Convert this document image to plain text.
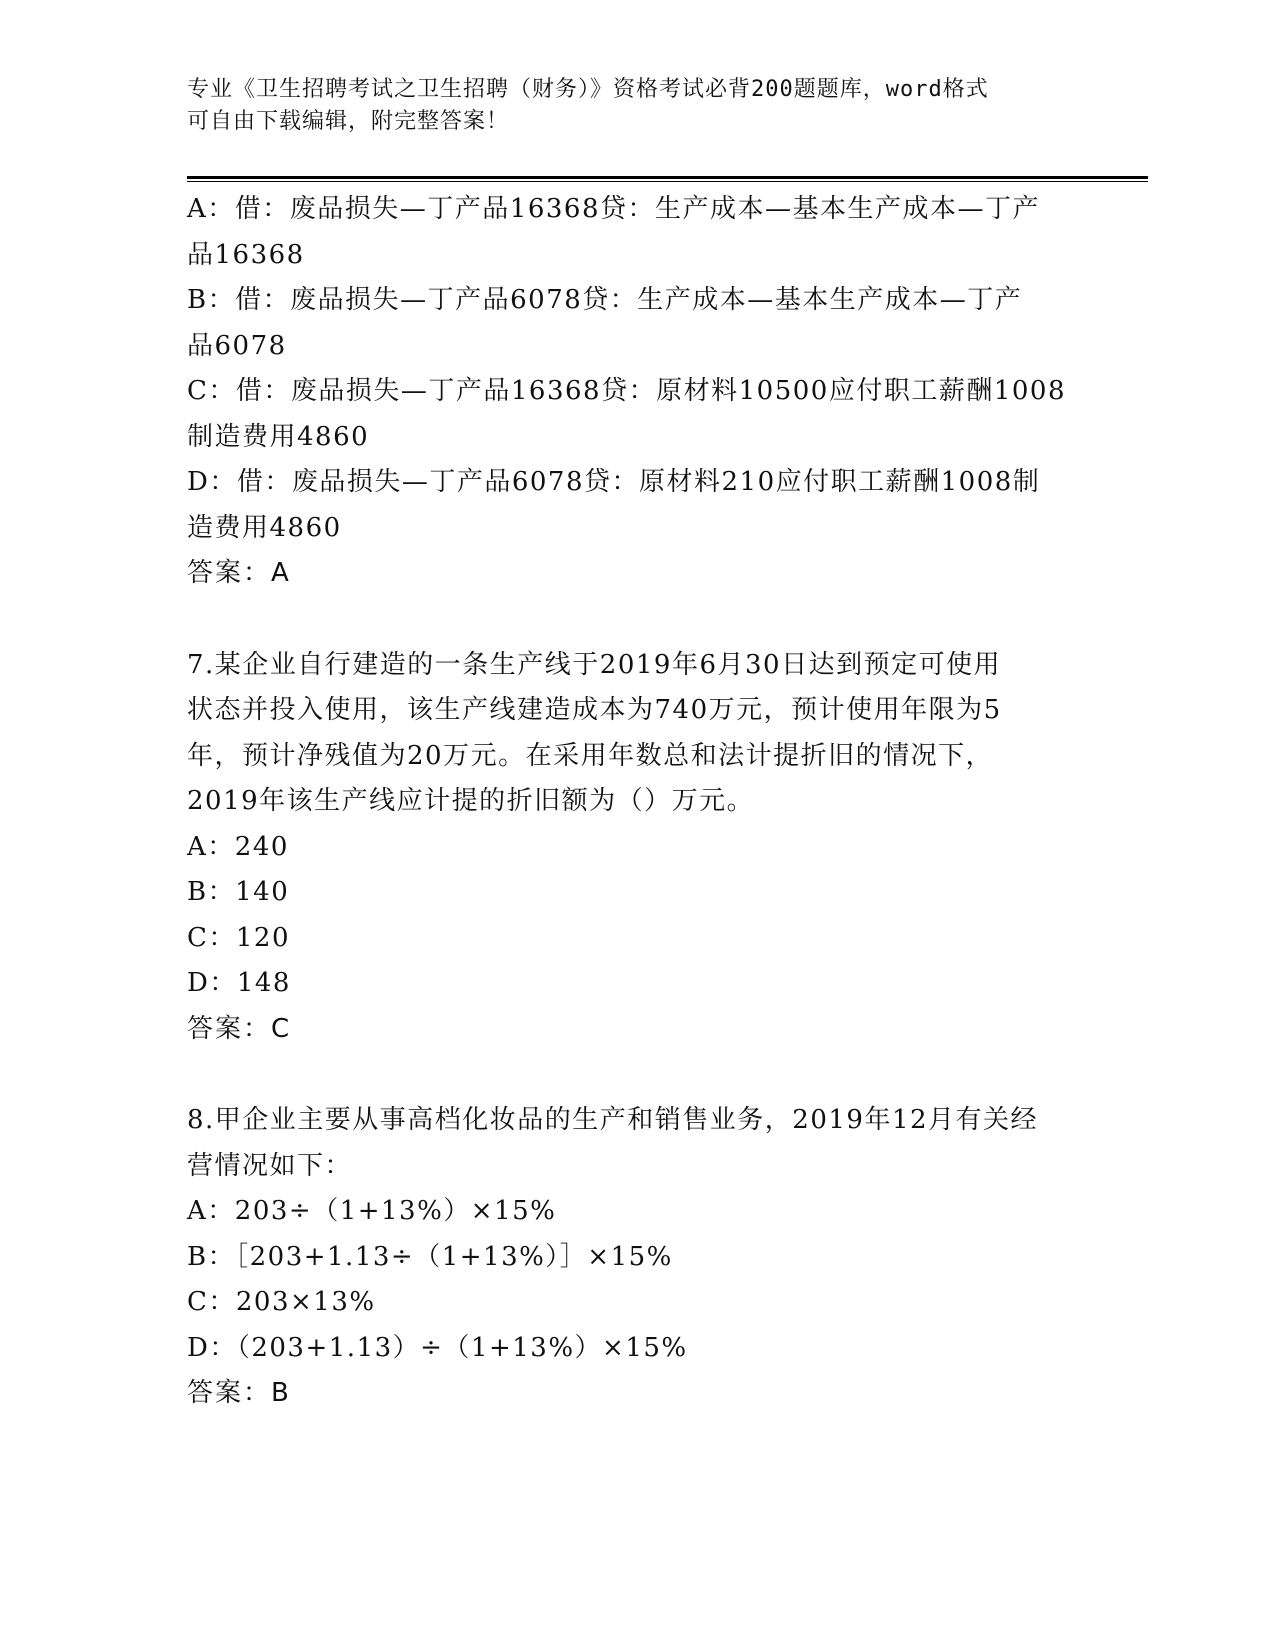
专业《卫生招聘考试之卫生招聘（财务）》资格考试必背200题题库，word格式
可自由下载编辑，附完整答案！
A：借：废品损失—丁产品16368贷：生产成本—基本生产成本—丁产
品16368
B：借：废品损失—丁产品6078贷：生产成本—基本生产成本—丁产
品6078
C：借：废品损失—丁产品16368贷：原材料10500应付职工薪酬1008
制造费用4860
D：借：废品损失—丁产品6078贷：原材料210应付职工薪酬1008制
造费用4860
答案：A
7.某企业自行建造的一条生产线于2019年6月30日达到预定可使用
状态并投入使用，该生产线建造成本为740万元，预计使用年限为5
年，预计净残值为20万元。在采用年数总和法计提折旧的情况下，
2019年该生产线应计提的折旧额为（）万元。
A：240
B：140
C：120
D：148
答案：C
8.甲企业主要从事高档化妆品的生产和销售业务，2019年12月有关经
营情况如下：
A：203÷（1+13%）×15%
B：［203+1.13÷（1+13%）］×15%
C：203×13%
D：（203+1.13）÷（1+13%）×15%
答案：B
